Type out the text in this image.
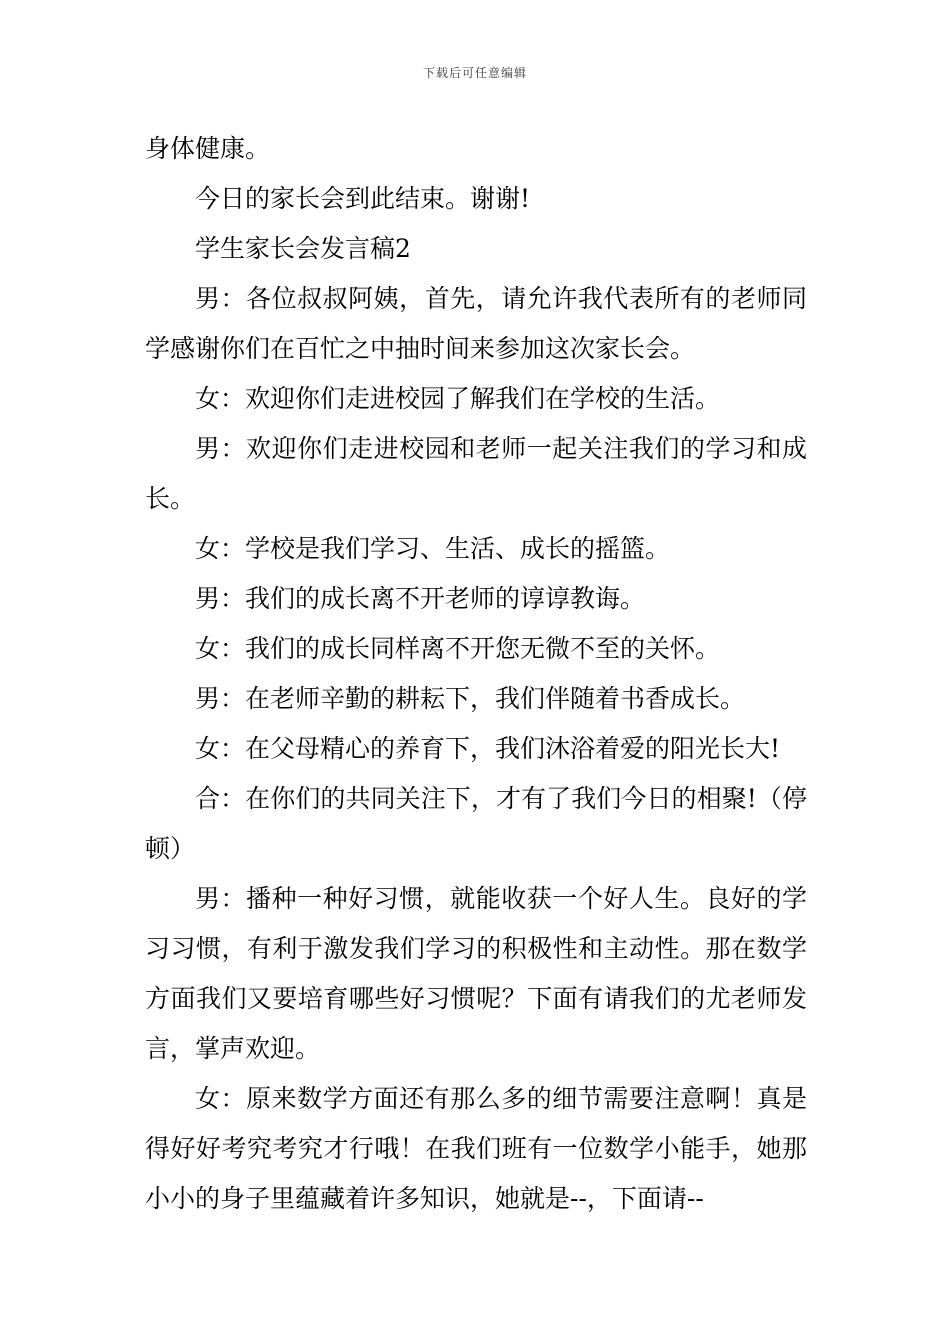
下载后可任意编辑

身体健康。

今日的家长会到此结束。谢谢!

学生家长会发言稿2

男：各位叔叔阿姨，首先，请允许我代表所有的老师同学感谢你们在百忙之中抽时间来参加这次家长会。

女：欢迎你们走进校园了解我们在学校的生活。

男：欢迎你们走进校园和老师一起关注我们的学习和成长。

女：学校是我们学习、生活、成长的摇篮。

男：我们的成长离不开老师的谆谆教诲。

女：我们的成长同样离不开您无微不至的关怀。

男：在老师辛勤的耕耘下，我们伴随着书香成长。

女：在父母精心的养育下，我们沐浴着爱的阳光长大!

合：在你们的共同关注下，才有了我们今日的相聚!（停顿）

男：播种一种好习惯，就能收获一个好人生。良好的学习习惯，有利于激发我们学习的积极性和主动性。那在数学方面我们又要培育哪些好习惯呢？下面有请我们的尤老师发言，掌声欢迎。

女：原来数学方面还有那么多的细节需要注意啊！真是得好好考究考究才行哦！在我们班有一位数学小能手，她那小小的身子里蕴藏着许多知识，她就是--，下面请--
